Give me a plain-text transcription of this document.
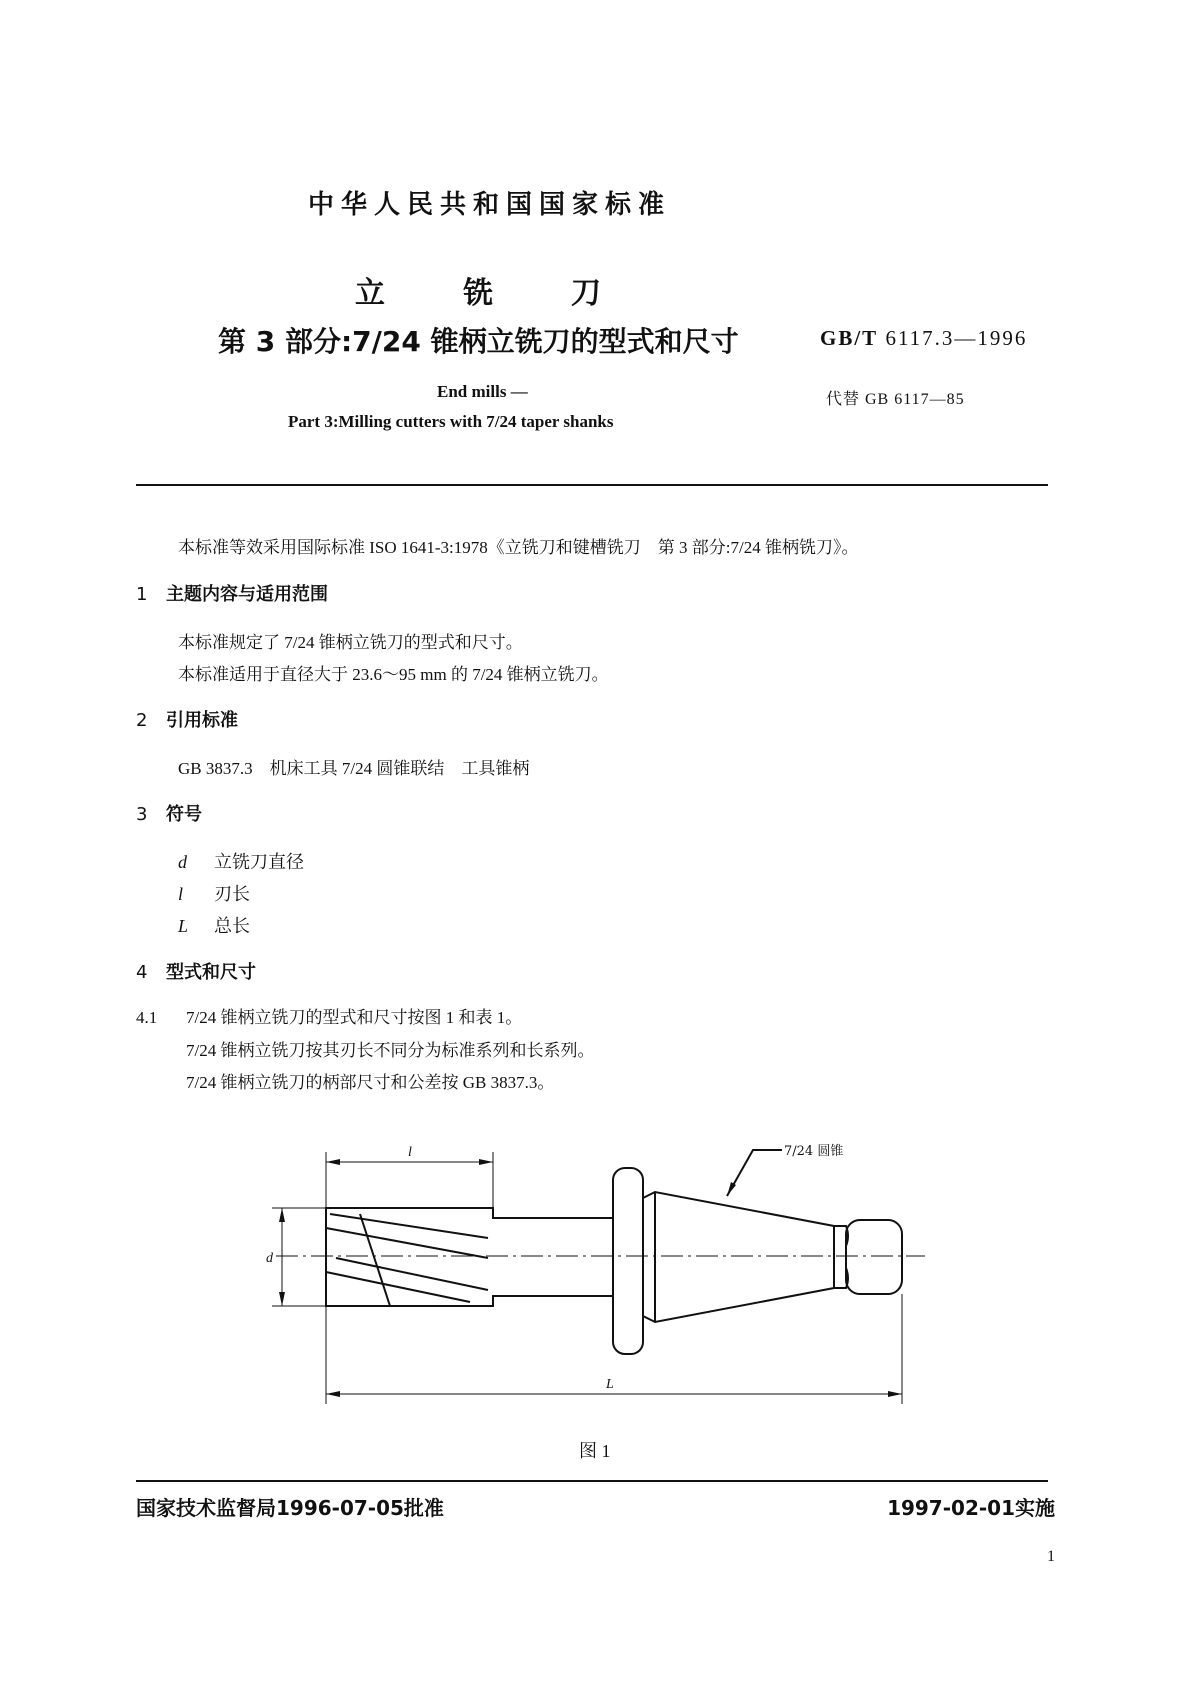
中华人民共和国国家标准
立	铣	刀
第 3 部分:7/24 锥柄立铣刀的型式和尺寸	GB/T 6117.3—1996
End mills —
Part 3:Milling cutters with 7/24 taper shanks
代替 GB 6117—85
本标准等效采用国际标准 ISO 1641-3:1978《立铣刀和键槽铣刀　第 3 部分:7/24 锥柄铣刀》。
1 主题内容与适用范围
本标准规定了 7/24 锥柄立铣刀的型式和尺寸。
本标准适用于直径大于 23.6～95 mm 的 7/24 锥柄立铣刀。
2 引用标准
GB 3837.3　机床工具 7/24 圆锥联结　工具锥柄
3 符号
d 立铣刀直径
l 刃长
L 总长
4 型式和尺寸
4.1 7/24 锥柄立铣刀的型式和尺寸按图 1 和表 1。
7/24 锥柄立铣刀按其刃长不同分为标准系列和长系列。
7/24 锥柄立铣刀的柄部尺寸和公差按 GB 3837.3。
l
d
L
7/24 圆锥
图 1
国家技术监督局1996-07-05批准	1997-02-01实施
1
